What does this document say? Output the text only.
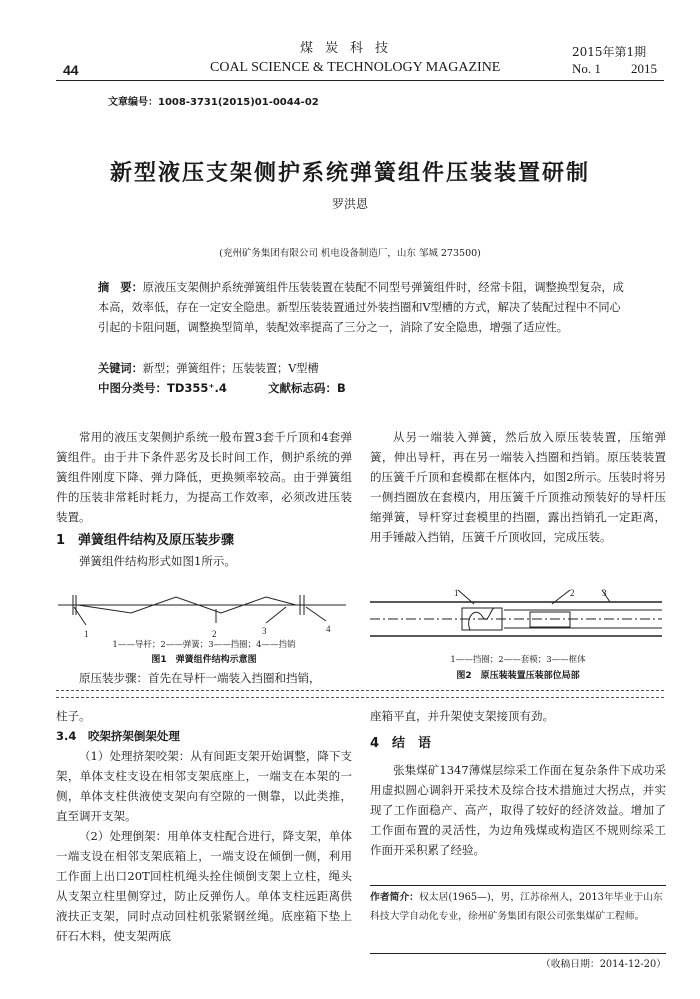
煤炭科技
44	COAL SCIENCE & TECHNOLOGY MAGAZINE
2015年第1期
No. 1 2015
文章编号：1008-3731(2015)01-0044-02
新型液压支架侧护系统弹簧组件压装装置研制
罗洪恩
(兖州矿务集团有限公司 机电设备制造厂，山东 邹城 273500)
摘　要：原液压支架侧护系统弹簧组件压装装置在装配不同型号弹簧组件时，经常卡阻，调整换型复杂，成本高，效率低，存在一定安全隐患。新型压装装置通过外装挡圈和V型槽的方式，解决了装配过程中不同心引起的卡阻问题，调整换型简单，装配效率提高了三分之一，消除了安全隐患，增强了适应性。
关键词：新型；弹簧组件；压装装置；V型槽
中图分类号：TD355⁺.4	文献标志码：B

常用的液压支架侧护系统一般布置3套千斤顶和4套弹簧组件。由于井下条件恶劣及长时间工作，侧护系统的弹簧组件刚度下降、弹力降低，更换频率较高。由于弹簧组件的压装非常耗时耗力，为提高工作效率，必须改进压装装置。

1　弹簧组件结构及原压装步骤

弹簧组件结构形式如图1所示。

1	2	3	4
1——导杆；2——弹簧；3——挡圈；4——挡销
图1　弹簧组件结构示意图
原压装步骤：首先在导杆一端装入挡圈和挡销，
从另一端装入弹簧，然后放入原压装装置，压缩弹簧，伸出导杆，再在另一端装入挡圈和挡销。原压装装置的压簧千斤顶和套模都在框体内，如图2所示。压装时将另一侧挡圈放在套模内，用压簧千斤顶推动预装好的导杆压缩弹簧，导杆穿过套模里的挡圈，露出挡销孔一定距离，用手锤敲入挡销，压簧千斤顶收回，完成压装。
1	2	3
1——挡圈；2——套模；3——框体
图2　原压装装置压装部位局部

柱子。

3.4　咬架挤架倒架处理

（1）处理挤架咬架：从有间距支架开始调整，降下支架，单体支柱支设在相邻支架底座上，一端支在本架的一侧，单体支柱供液使支架向有空隙的一侧靠，以此类推，直至调开支架。

（2）处理倒架：用单体支柱配合进行，降支架，单体一端支设在相邻支架底箱上，一端支设在倾倒一侧，利用工作面上出口20T回柱机绳头拴住倾倒支架上立柱，绳头从支架立柱里侧穿过，防止反弹伤人。单体支柱远距离供液扶正支架，同时点动回柱机张紧钢丝绳。底座箱下垫上矸石木料，使支架两底

座箱平直，并升架使支架接顶有劲。

4　结　语

张集煤矿1347薄煤层综采工作面在复杂条件下成功采用虚拟圆心调斜开采技术及综合技术措施过大拐点，并实现了工作面稳产、高产，取得了较好的经济效益。增加了工作面布置的灵活性，为边角残煤或构造区不规则综采工作面开采积累了经验。

作者简介：权太居(1965—)，男，江苏徐州人，2013年毕业于山东科技大学自动化专业，徐州矿务集团有限公司张集煤矿工程师。
（收稿日期：2014-12-20）
